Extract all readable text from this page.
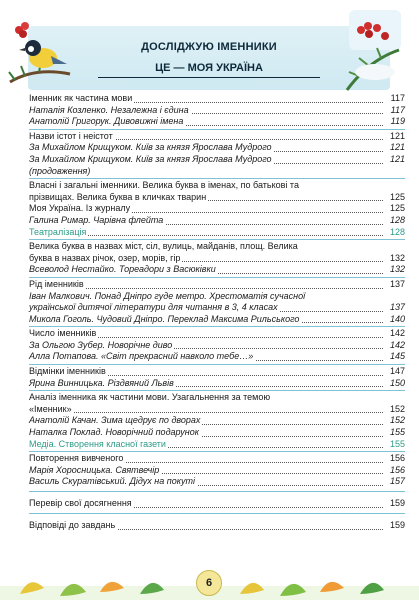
ДОСЛІДЖУЮ ІМЕННИКИ
ЦЕ — МОЯ УКРАЇНА
Іменник як частина мови	117
Наталія Козленко. Незалежна і єдина	117
Анатолій Григорук. Дивовижні імена	119
Назви істот і неістот	121
За Михайлом Крищуком. Київ за князя Ярослава Мудрого	121
За Михайлом Крищуком. Київ за князя Ярослава Мудрого	121
(продовження)
Власні і загальні іменники. Велика буква в іменах, по батькові та
прізвищах. Велика буква в кличках тварин	125
Моя Україна. Із журналу	125
Галина Римар. Чарівна флейта	128
Театралізація	128
Велика буква в назвах міст, сіл, вулиць, майданів, площ. Велика
буква в назвах річок, озер, морів, гір	132
Всеволод Нестайко. Тореадори з Васюківки	132
Рід іменників	137
Іван Малкович. Понад Дніпро гуде метро. Хрестоматія сучасної
української дитячої літератури для читання в 3, 4 класах	137
Микола Гоголь. Чудовий Дніпро. Переклад Максима Рильського	140
Число іменників	142
За Ольгою Зубер. Новорічне диво	142
Алла Потапова. «Світ прекрасний навколо тебе…»	145
Відмінки іменників	147
Ярина Винницька. Різдвяний Львів	150
Аналіз іменника як частини мови. Узагальнення за темою
«Іменник»	152
Анатолій Качан. Зима щедрує по дворах	152
Наталка Поклад. Новорічний подарунок	155
Медіа. Створення класної газети	155
Повторення вивченого	156
Марія Хоросницька. Святвечір	156
Василь Скуратівський. Дідух на покуті	157
Перевір свої досягнення	159
Відповіді до завдань	159
6
